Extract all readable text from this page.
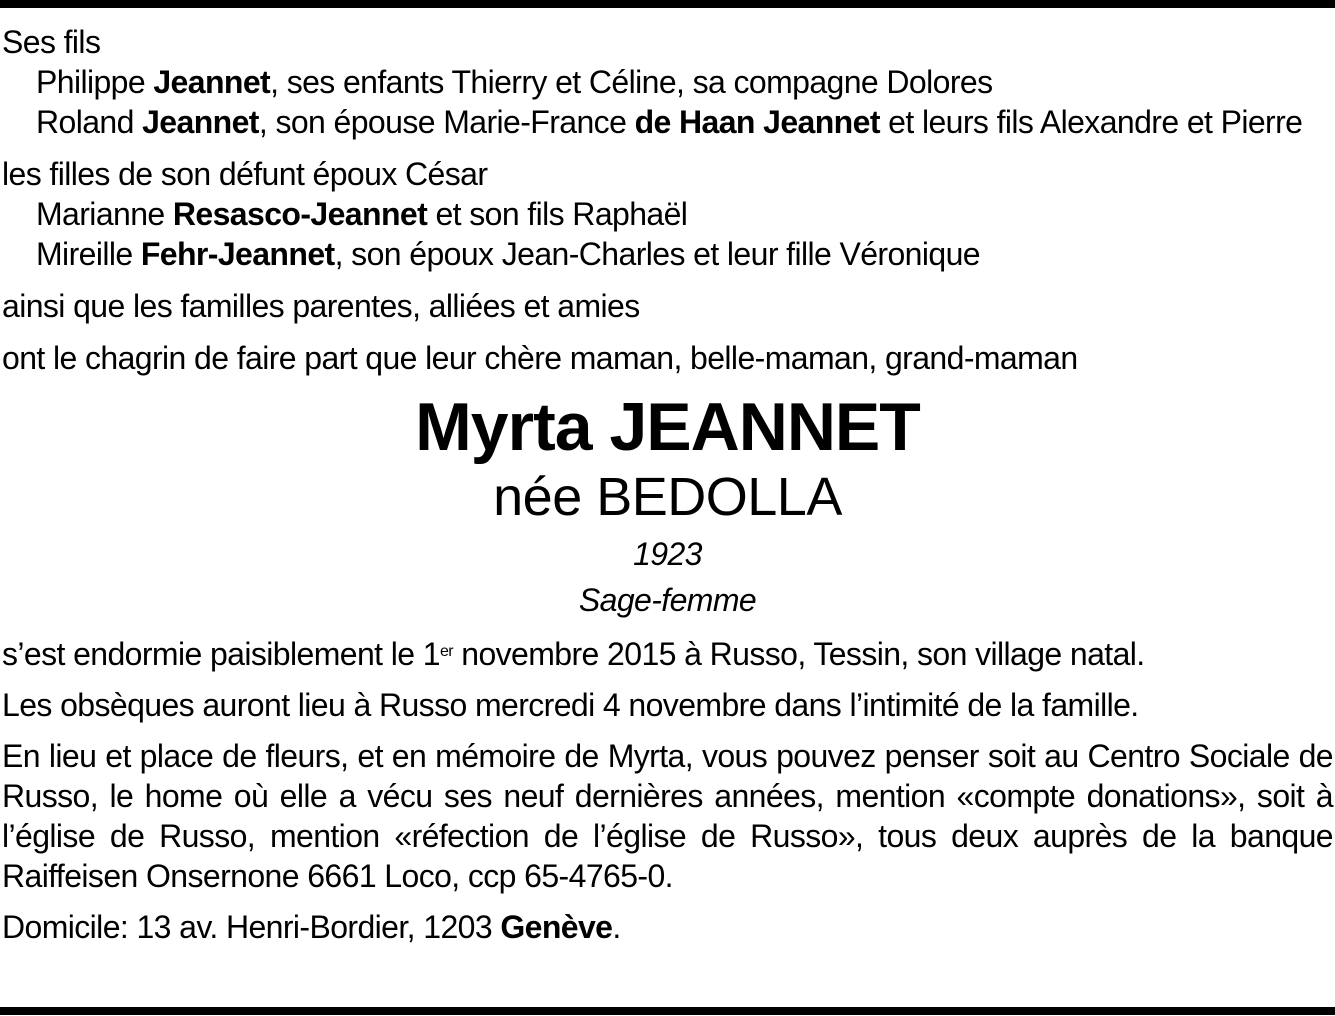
Ses fils

Philippe Jeannet, ses enfants Thierry et Céline, sa compagne Dolores

Roland Jeannet, son épouse Marie-France de Haan Jeannet et leurs fils Alexandre et Pierre

les filles de son défunt époux César

Marianne Resasco-Jeannet et son fils Raphaël

Mireille Fehr-Jeannet, son époux Jean-Charles et leur fille Véronique

ainsi que les familles parentes, alliées et amies

ont le chagrin de faire part que leur chère maman, belle-maman, grand-maman

Myrta JEANNET

née BEDOLLA

1923

Sage-femme

s’est endormie paisiblement le 1er novembre 2015 à Russo, Tessin, son village natal.

Les obsèques auront lieu à Russo mercredi 4 novembre dans l’intimité de la famille.

En lieu et place de fleurs, et en mémoire de Myrta, vous pouvez penser soit au Centro Sociale de Russo, le home où elle a vécu ses neuf dernières années, mention «compte donations», soit à l’église de Russo, mention «réfection de l’église de Russo», tous deux auprès de la banque Raiffeisen Onsernone 6661 Loco, ccp 65-4765-0.

Domicile: 13 av. Henri-Bordier, 1203 Genève.
